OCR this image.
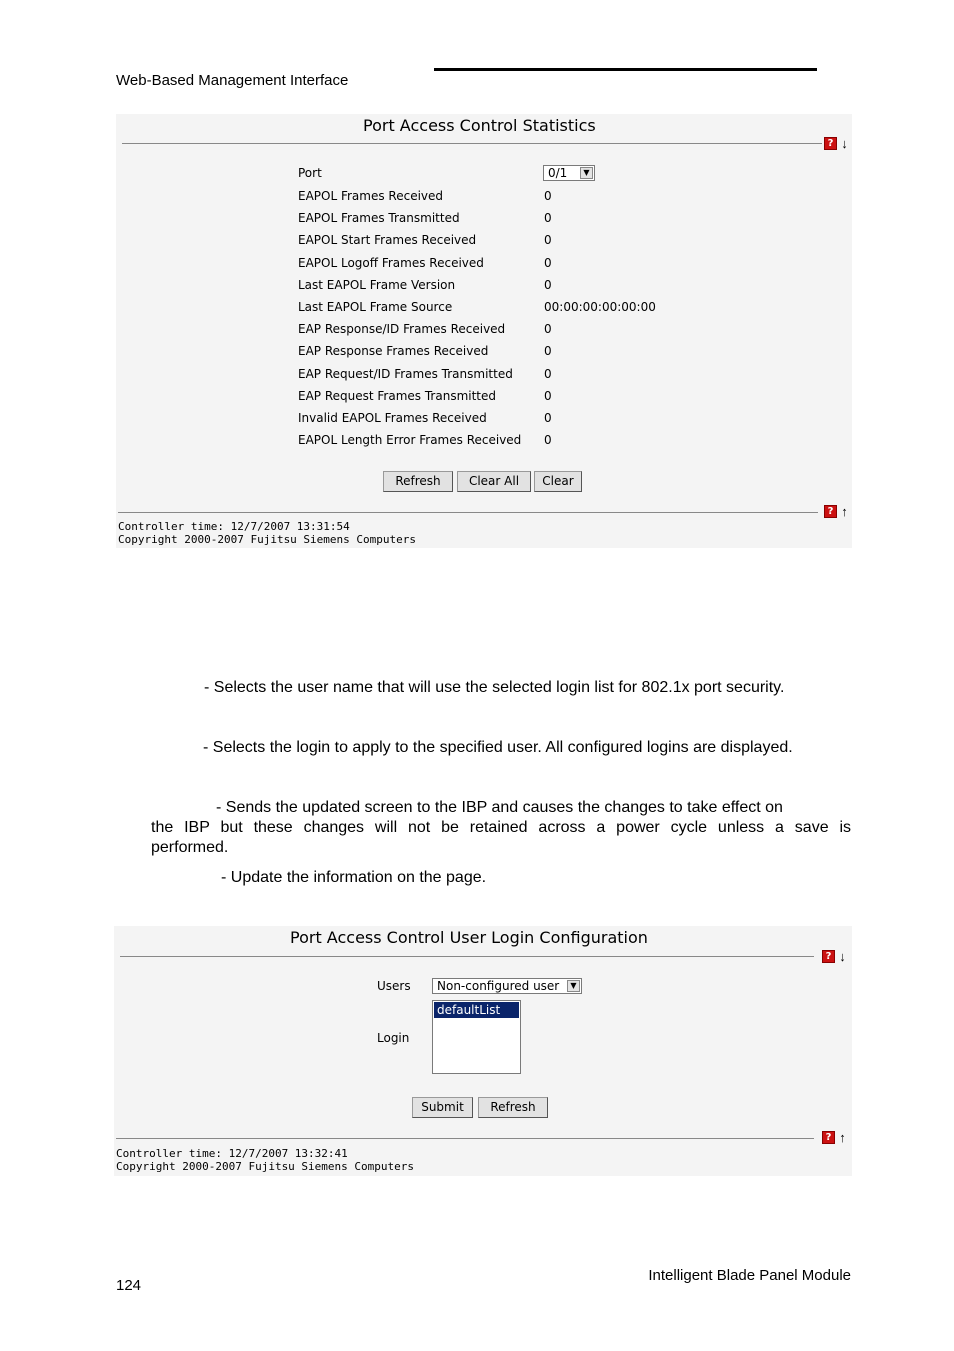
Web-Based Management Interface
Port Access Control Statistics
? ↓
Port	0/1	▼
Refresh	Clear All	Clear
? ↑
Controller time: 12/7/2007 13:31:54
Copyright 2000-2007 Fujitsu Siemens Computers
EAPOL Frames Received	0
EAPOL Frames Transmitted	0
EAPOL Start Frames Received	0
EAPOL Logoff Frames Received	0
Last EAPOL Frame Version	0
Last EAPOL Frame Source	00:00:00:00:00:00
EAP Response/ID Frames Received	0
EAP Response Frames Received	0
EAP Request/ID Frames Transmitted	0
EAP Request Frames Transmitted	0
Invalid EAPOL Frames Received	0
EAPOL Length Error Frames Received 0
- Selects the user name that will use the selected login list for 802.1x port security.
- Selects the login to apply to the specified user. All configured logins are displayed.
- Sends the updated screen to the IBP and causes the changes to take effect on
the IBP but these changes will not be retained across a power cycle unless a save is
performed.
- Update the information on the page.
Port Access Control User Login Configuration
? ↓
Users Non-configured user	▼
Login
defaultList
Submit	Refresh
? ↑
Controller time: 12/7/2007 13:32:41
Copyright 2000-2007 Fujitsu Siemens Computers
124
Intelligent Blade Panel Module
